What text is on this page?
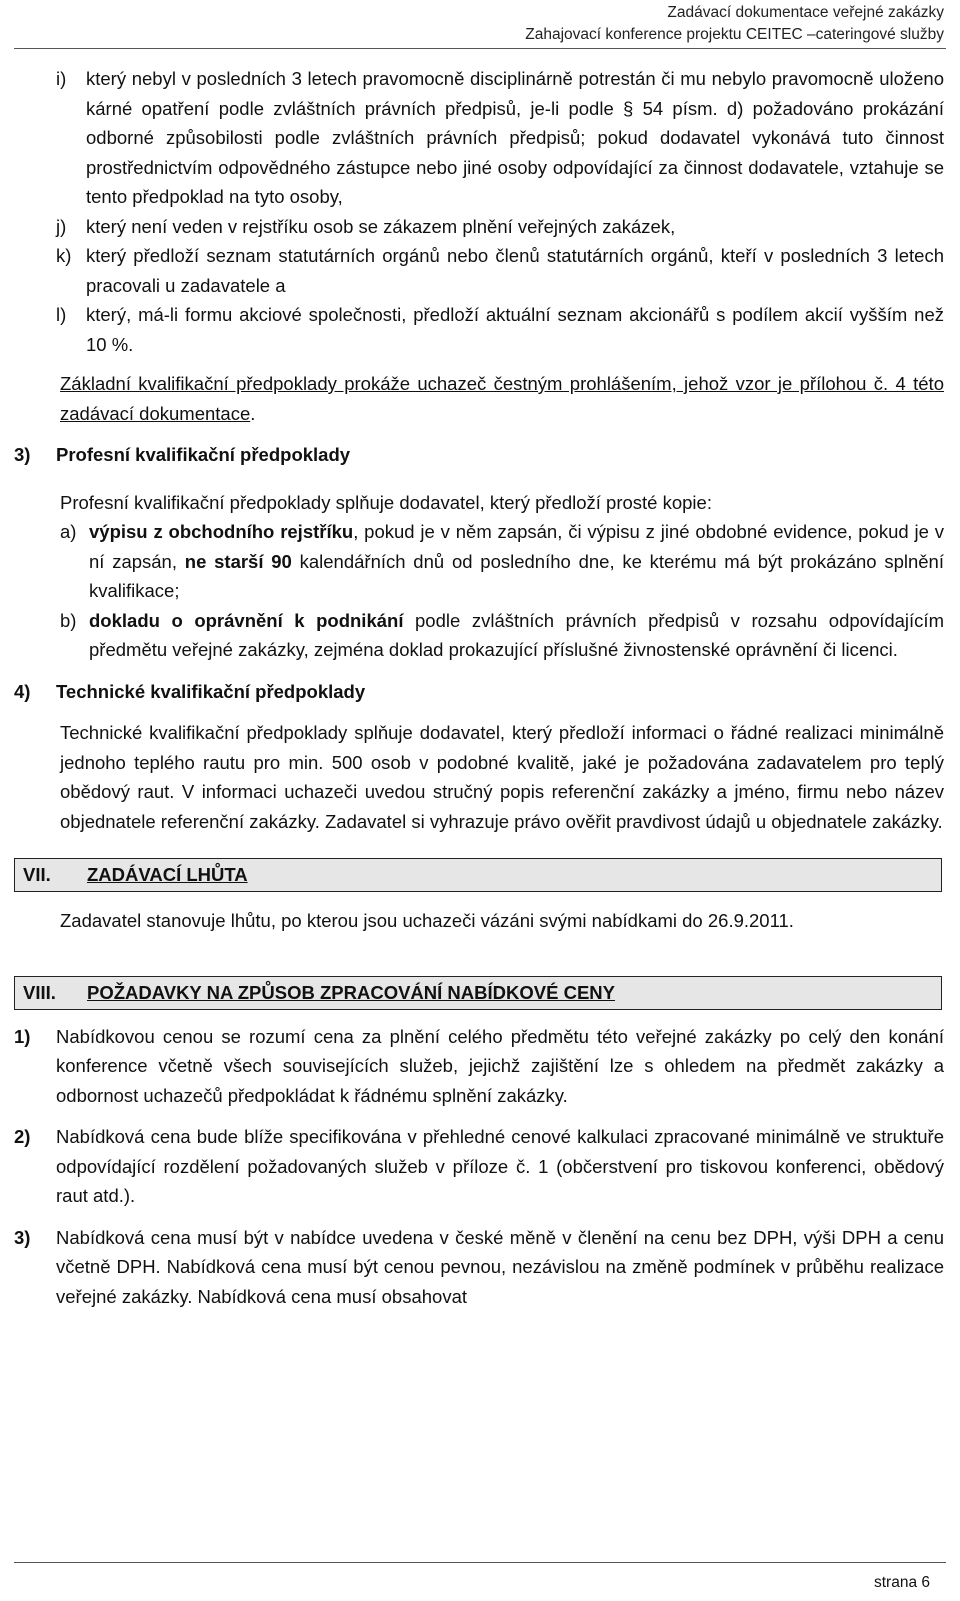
Zadávací dokumentace veřejné zakázky
Zahajovací konference projektu CEITEC –cateringové služby
i)	který nebyl v posledních 3 letech pravomocně disciplinárně potrestán či mu nebylo pravomocně uloženo kárné opatření podle zvláštních právních předpisů, je-li podle § 54 písm. d) požadováno prokázání odborné způsobilosti podle zvláštních právních předpisů; pokud dodavatel vykonává tuto činnost prostřednictvím odpovědného zástupce nebo jiné osoby odpovídající za činnost dodavatele, vztahuje se tento předpoklad na tyto osoby,
j)	který není veden v rejstříku osob se zákazem plnění veřejných zakázek,
k) který předloží seznam statutárních orgánů nebo členů statutárních orgánů, kteří v posledních 3 letech pracovali u zadavatele a
l)	který, má-li formu akciové společnosti, předloží aktuální seznam akcionářů s podílem akcií vyšším než 10 %.
Základní kvalifikační předpoklady prokáže uchazeč čestným prohlášením, jehož vzor je přílohou č. 4 této zadávací dokumentace.
3)	Profesní kvalifikační předpoklady
Profesní kvalifikační předpoklady splňuje dodavatel, který předloží prosté kopie:
a) výpisu z obchodního rejstříku, pokud je v něm zapsán, či výpisu z jiné obdobné evidence, pokud je v ní zapsán, ne starší 90 kalendářních dnů od posledního dne, ke kterému má být prokázáno splnění kvalifikace;
b) dokladu o oprávnění k podnikání podle zvláštních právních předpisů v rozsahu odpovídajícím předmětu veřejné zakázky, zejména doklad prokazující příslušné živnostenské oprávnění či licenci.
4)	Technické kvalifikační předpoklady
Technické kvalifikační předpoklady splňuje dodavatel, který předloží informaci o řádné realizaci minimálně jednoho teplého rautu pro min. 500 osob v podobné kvalitě, jaké je požadována zadavatelem pro teplý obědový raut. V informaci uchazeči uvedou stručný popis referenční zakázky a jméno, firmu nebo název objednatele referenční zakázky. Zadavatel si vyhrazuje právo ověřit pravdivost údajů u objednatele zakázky.
VII.	ZADÁVACÍ LHŮTA
Zadavatel stanovuje lhůtu, po kterou jsou uchazeči vázáni svými nabídkami do 26.9.2011.
VIII.	POŽADAVKY NA ZPŮSOB ZPRACOVÁNÍ NABÍDKOVÉ CENY
1)	Nabídkovou cenou se rozumí cena za plnění celého předmětu této veřejné zakázky po celý den konání konference včetně všech souvisejících služeb, jejichž zajištění lze s ohledem na předmět zakázky a odbornost uchazečů předpokládat k řádnému splnění zakázky.
2)	Nabídková cena bude blíže specifikována v přehledné cenové kalkulaci zpracované minimálně ve struktuře odpovídající rozdělení požadovaných služeb v příloze č. 1 (občerstvení pro tiskovou konferenci, obědový raut atd.).
3)	Nabídková cena musí být v nabídce uvedena v české měně v členění na cenu bez DPH, výši DPH a cenu včetně DPH. Nabídková cena musí být cenou pevnou, nezávislou na změně podmínek v průběhu realizace veřejné zakázky. Nabídková cena musí obsahovat
strana 6
